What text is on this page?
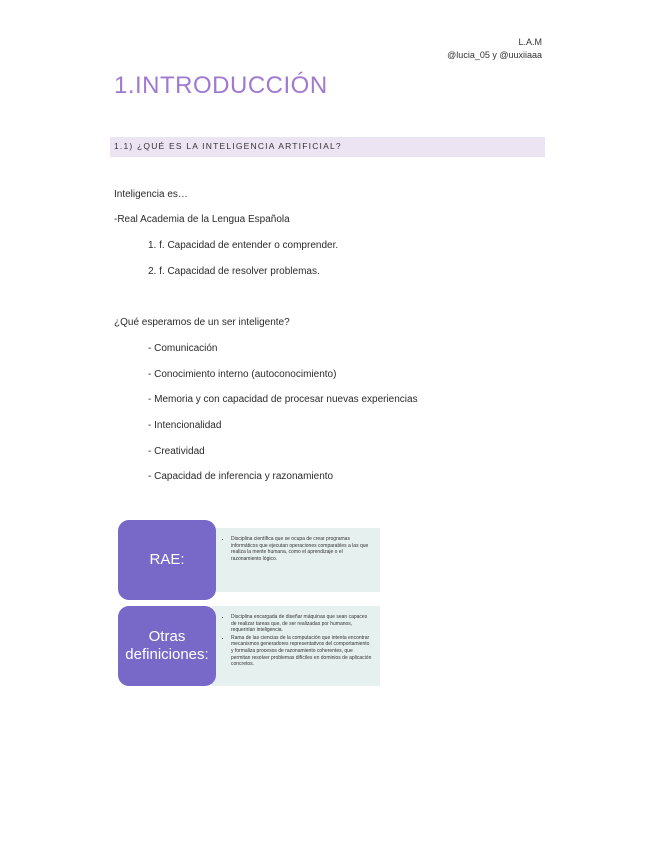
L.A.M
@lucia_05 y @uuxiiaaa
1.INTRODUCCIÓN
1.1) ¿QUÉ ES LA INTELIGENCIA ARTIFICIAL?
Inteligencia es…
-Real Academia de la Lengua Española
1. f. Capacidad de entender o comprender.
2. f. Capacidad de resolver problemas.
¿Qué esperamos de un ser inteligente?
- Comunicación
- Conocimiento interno (autoconocimiento)
- Memoria y con capacidad de procesar nuevas experiencias
- Intencionalidad
- Creatividad
- Capacidad de inferencia y razonamiento
• Disciplina científica que se ocupa de crear programas informáticos que ejecutan operaciones comparables a las que realiza la mente humana, como el aprendizaje o el razonamiento lógico.
RAE:
• Disciplina encargada de diseñar máquinas que sean capaces de realizar tareas que, de ser realizadas por humanos, requerirían inteligencia.
• Rama de las ciencias de la computación que intenta encontrar mecanismos generadores representativos del comportamiento y formaliza procesos de razonamiento coherentes, que permitan resolver problemas difíciles en dominios de aplicación concretos.
Otras
definiciones:
